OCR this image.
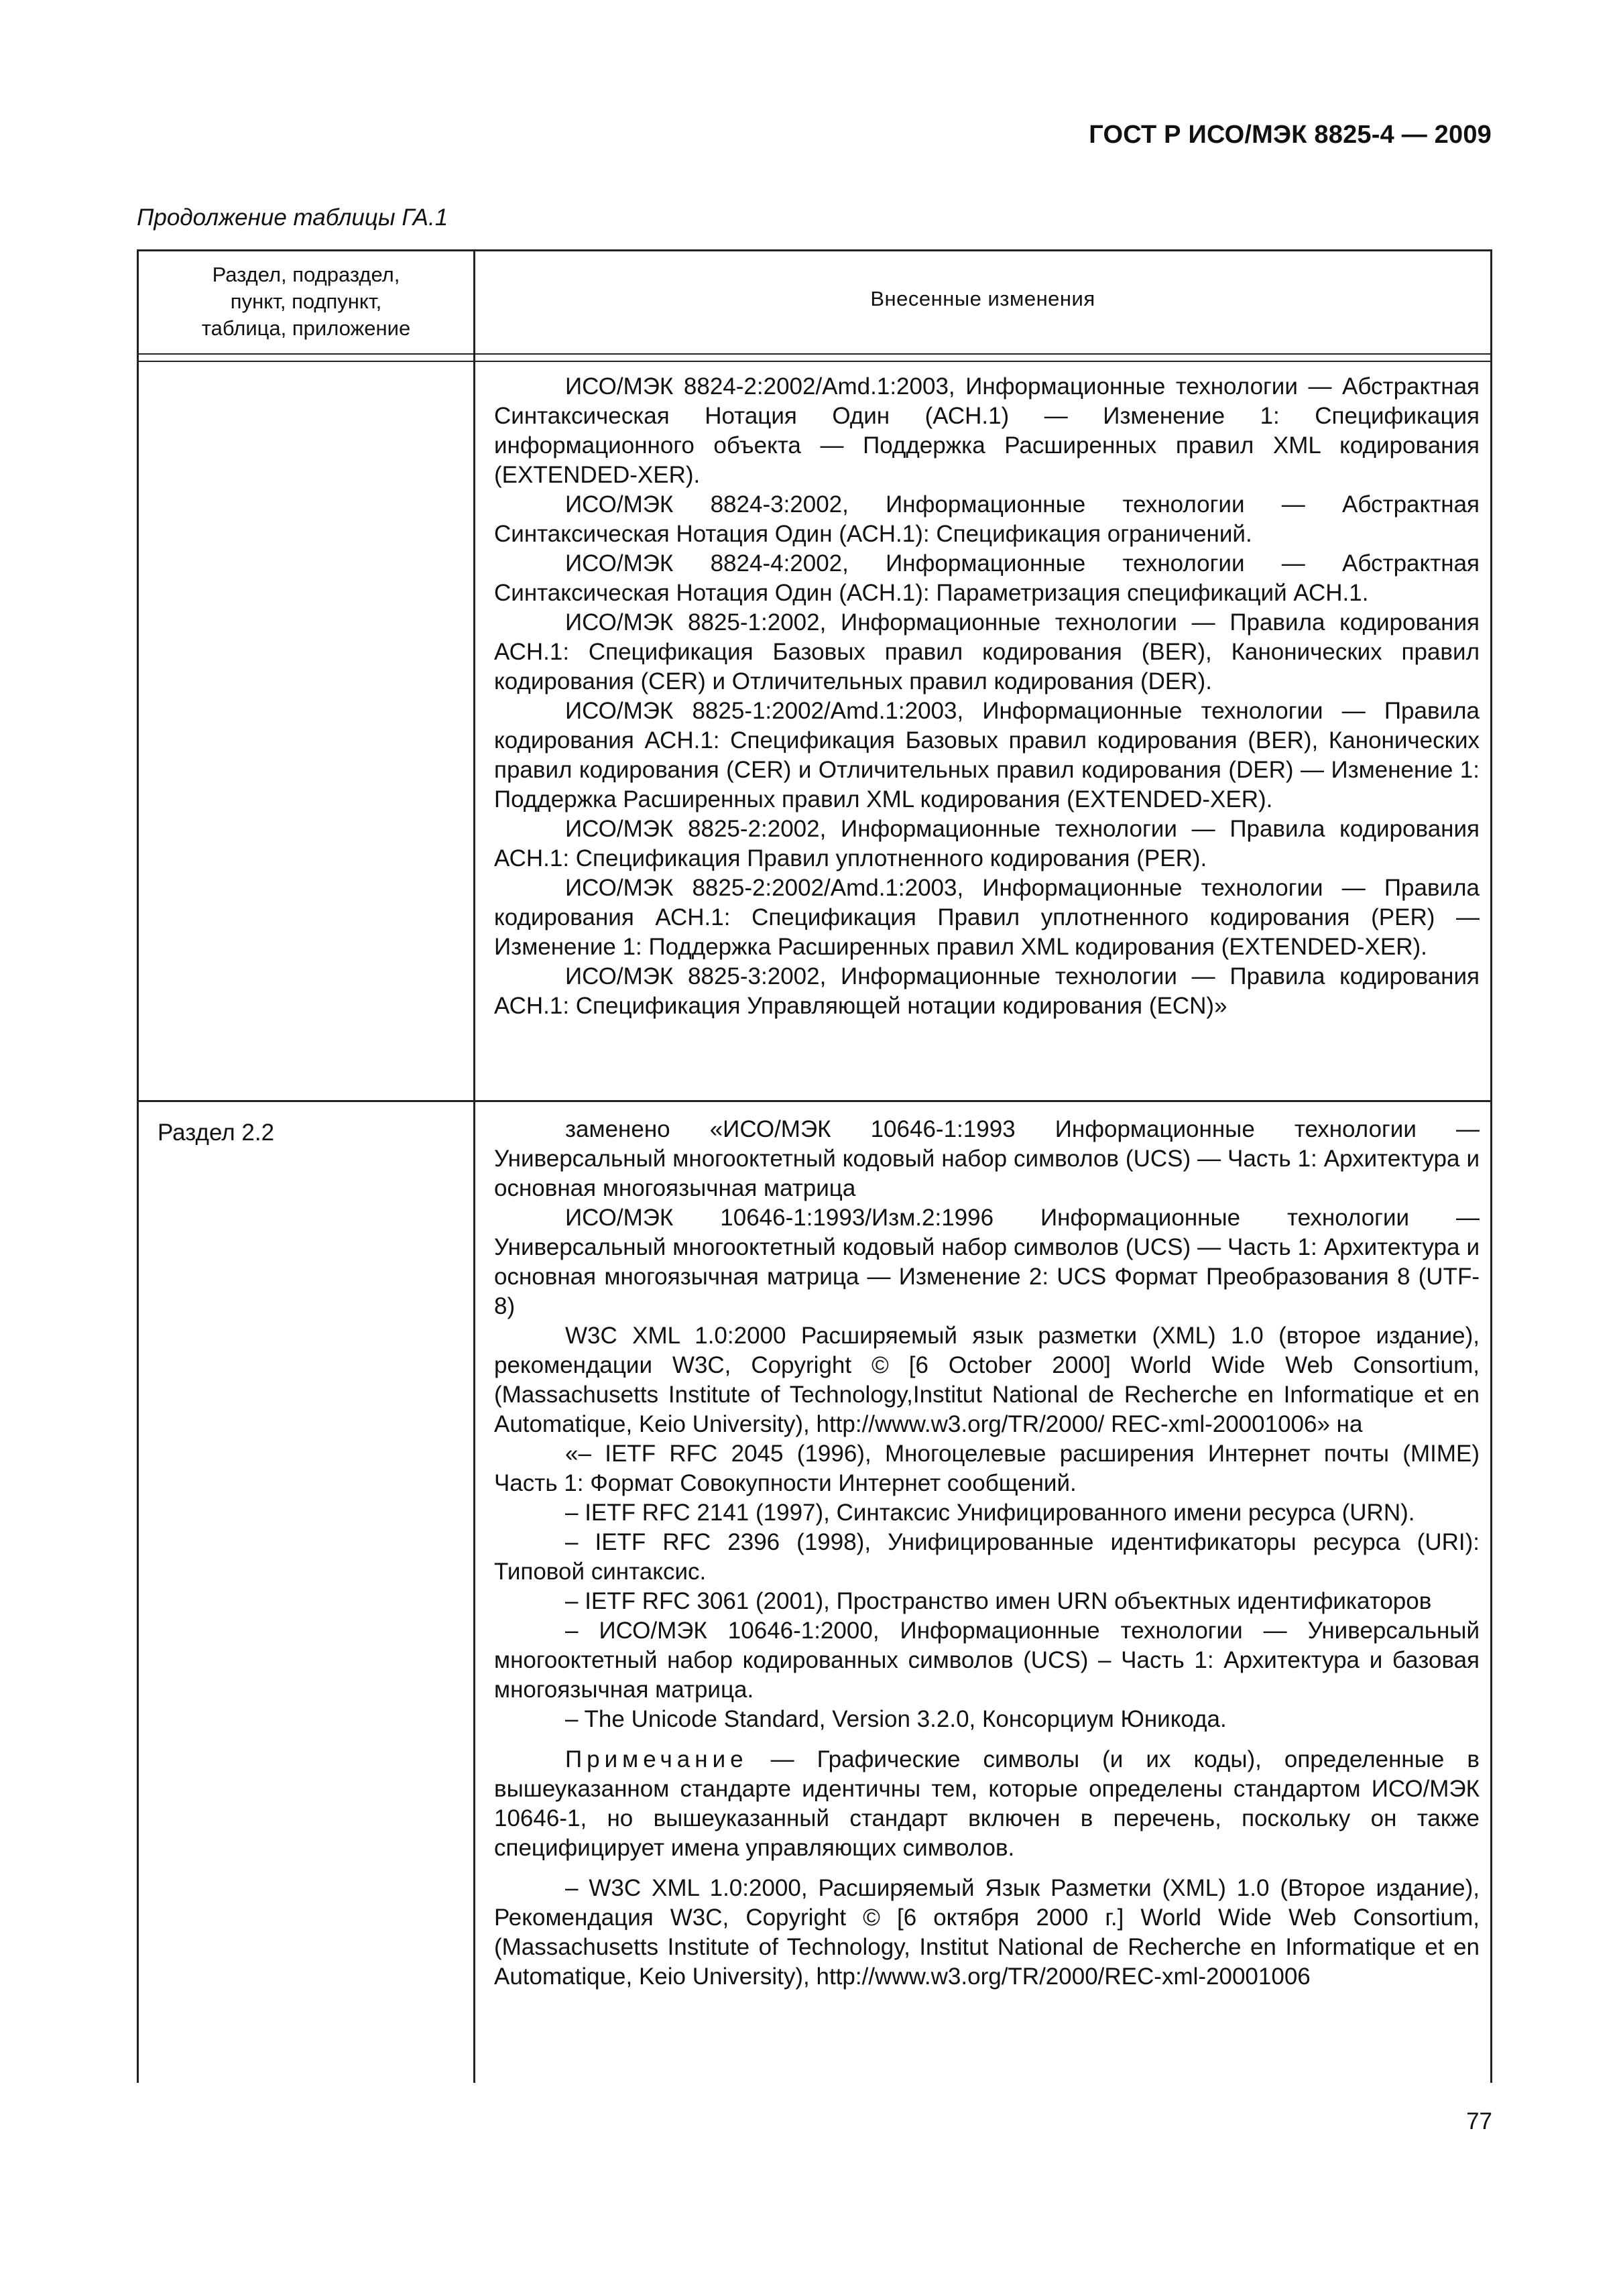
ГОСТ Р ИСО/МЭК 8825-4 — 2009
Продолжение таблицы ГА.1
Раздел, подраздел,
пункт, подпункт,
таблица, приложение
Внесенные изменения

ИСО/МЭК 8824-2:2002/Amd.1:2003, Информационные технологии — Абстрактная Синтаксическая Нотация Один (АСН.1) — Изменение 1: Спецификация информационного объекта — Поддержка Расширенных правил XML кодирования (EXTENDED-XER).

ИСО/МЭК 8824-3:2002, Информационные технологии — Абстрактная Синтаксическая Нотация Один (АСН.1): Спецификация ограничений.

ИСО/МЭК 8824-4:2002, Информационные технологии — Абстрактная Синтаксическая Нотация Один (АСН.1): Параметризация спецификаций АСН.1.

ИСО/МЭК 8825-1:2002, Информационные технологии — Правила кодирования АСН.1: Спецификация Базовых правил кодирования (BER), Канонических правил кодирования (CER) и Отличительных правил кодирования (DER).

ИСО/МЭК 8825-1:2002/Amd.1:2003, Информационные технологии — Правила кодирования АСН.1: Спецификация Базовых правил кодирования (BER), Канонических правил кодирования (CER) и Отличительных правил кодирования (DER) — Изменение 1: Поддержка Расширенных правил XML кодирования (EXTENDED-XER).

ИСО/МЭК 8825-2:2002, Информационные технологии — Правила кодирования АСН.1: Спецификация Правил уплотненного кодирования (PER).

ИСО/МЭК 8825-2:2002/Amd.1:2003, Информационные технологии — Правила кодирования АСН.1: Спецификация Правил уплотненного кодирования (PER) — Изменение 1: Поддержка Расширенных правил XML кодирования (EXTENDED-XER).

ИСО/МЭК 8825-3:2002, Информационные технологии — Правила кодирования АСН.1: Спецификация Управляющей нотации кодирования (ECN)»

Раздел 2.2	заменено «ИСО/МЭК 10646-1:1993 Информационные технологии — Универсальный многооктетный кодовый набор символов (UCS) — Часть 1: Архитектура и основная многоязычная матрица

ИСО/МЭК 10646-1:1993/Изм.2:1996 Информационные технологии — Универсальный многооктетный кодовый набор символов (UCS) — Часть 1: Архитектура и основная многоязычная матрица — Изменение 2: UCS Формат Преобразования 8 (UTF-8)

W3C XML 1.0:2000 Расширяемый язык разметки (XML) 1.0 (второе издание), рекомендации W3C, Copyright © [6 October 2000] World Wide Web Consortium, (Massachusetts Institute of Technology,Institut National de Recherche en Informatique et en Automatique, Keio University), http://www.w3.org/TR/2000/ REC-xml-20001006» на

«– IETF RFC 2045 (1996), Многоцелевые расширения Интернет почты (MIME) Часть 1: Формат Совокупности Интернет сообщений.

– IETF RFC 2141 (1997), Синтаксис Унифицированного имени ресурса (URN).

– IETF RFC 2396 (1998), Унифицированные идентификаторы ресурса (URI): Типовой синтаксис.

– IETF RFC 3061 (2001), Пространство имен URN объектных идентификаторов

– ИСО/МЭК 10646-1:2000, Информационные технологии — Универсальный многооктетный набор кодированных символов (UCS) – Часть 1: Архитектура и базовая многоязычная матрица.

– The Unicode Standard, Version 3.2.0, Консорциум Юникода.

Примечание — Графические символы (и их коды), определенные в вышеуказанном стандарте идентичны тем, которые определены стандартом ИСО/МЭК 10646-1, но вышеуказанный стандарт включен в перечень, поскольку он также специфицирует имена управляющих символов.

– W3C XML 1.0:2000, Расширяемый Язык Разметки (XML) 1.0 (Второе издание), Рекомендация W3C, Copyright © [6 октября 2000 г.] World Wide Web Consortium, (Massachusetts Institute of Technology, Institut National de Recherche en Informatique et en Automatique, Keio University), http://www.w3.org/TR/2000/REC-xml-20001006

77
